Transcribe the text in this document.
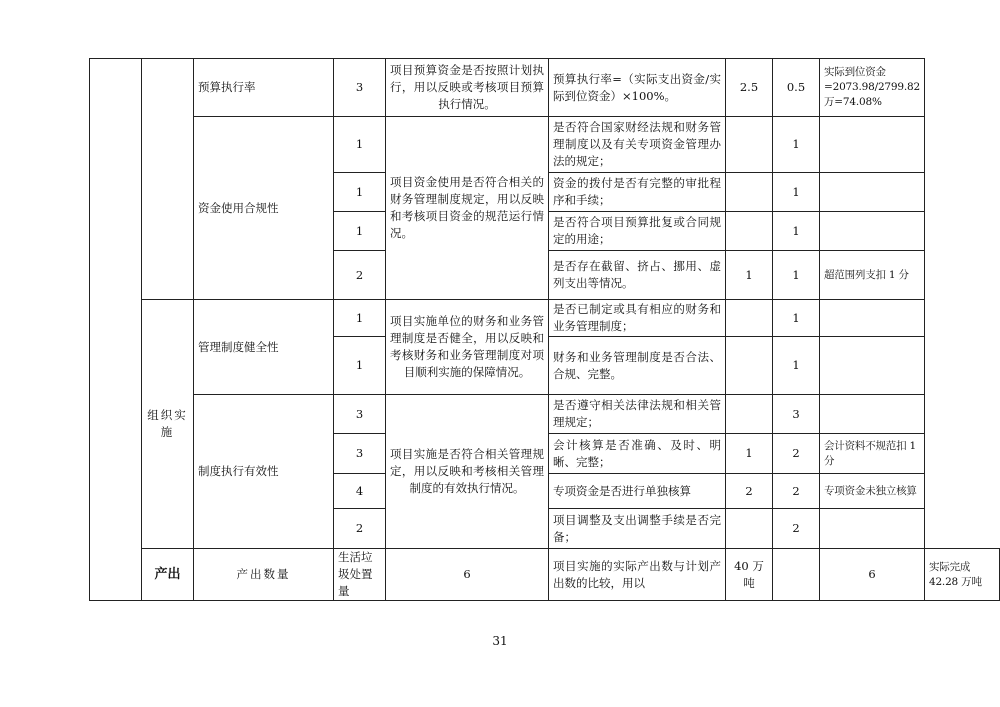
		预算执行率	3	项目预算资金是否按照计划执行，用以反映或考核项目预算执行情况。	预算执行率=（实际支出资金/实际到位资金）×100%。	2.5	0.5	实际到位资金=2073.98/2799.82万=74.08%	
		资金使用合规性	1	项目资金使用是否符合相关的财务管理制度规定，用以反映和考核项目资金的规范运行情况。	是否符合国家财经法规和财务管理制度以及有关专项资金管理办法的规定；		1		
			1		资金的拨付是否有完整的审批程序和手续；		1		
			1		是否符合项目预算批复或合同规定的用途；		1		
			2		是否存在截留、挤占、挪用、虚列支出等情况。	1	1	超范围列支扣 1 分	
	组织实施	管理制度健全性	1	项目实施单位的财务和业务管理制度是否健全，用以反映和考核财务和业务管理制度对项目顺利实施的保障情况。	是否已制定或具有相应的财务和业务管理制度；		1		
			1		财务和业务管理制度是否合法、合规、完整。		1		
		制度执行有效性	3	项目实施是否符合相关管理规定，用以反映和考核相关管理制度的有效执行情况。	是否遵守相关法律法规和相关管理规定；		3		
			3		会计核算是否准确、及时、明晰、完整；	1	2	会计资料不规范扣 1 分	
			4		专项资金是否进行单独核算	2	2	专项资金未独立核算	
			2		项目调整及支出调整手续是否完备；		2		
	产出	产出数量	生活垃圾处置量	6	项目实施的实际产出数与计划产出数的比较，用以	40 万吨		6	实际完成 42.28 万吨
31
